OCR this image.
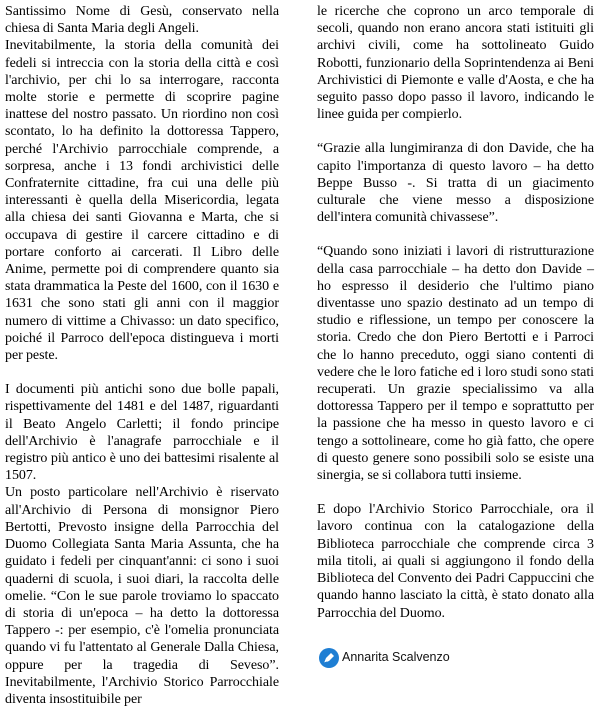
Santissimo Nome di Gesù, conservato nella chiesa di Santa Maria degli Angeli.

Inevitabilmente, la storia della comunità dei fedeli si intreccia con la storia della città e così l'archivio, per chi lo sa interrogare, racconta molte storie e permette di scoprire pagine inattese del nostro passato. Un riordino non così scontato, lo ha definito la dottoressa Tappero, perché l'Archivio parrocchiale comprende, a sorpresa, anche i 13 fondi archivistici delle Confraternite cittadine, fra cui una delle più interessanti è quella della Misericordia, legata alla chiesa dei santi Giovanna e Marta, che si occupava di gestire il carcere cittadino e di portare conforto ai carcerati. Il Libro delle Anime, permette poi di comprendere quanto sia stata drammatica la Peste del 1600, con il 1630 e 1631 che sono stati gli anni con il maggior numero di vittime a Chivasso: un dato specifico, poiché il Parroco dell'epoca distingueva i morti per peste.

I documenti più antichi sono due bolle papali, rispettivamente del 1481 e del 1487, riguardanti il Beato Angelo Carletti; il fondo principe dell'Archivio è l'anagrafe parrocchiale e il registro più antico è uno dei battesimi risalente al 1507.

Un posto particolare nell'Archivio è riservato all'Archivio di Persona di monsignor Piero Bertotti, Prevosto insigne della Parrocchia del Duomo Collegiata Santa Maria Assunta, che ha guidato i fedeli per cinquant'anni: ci sono i suoi quaderni di scuola, i suoi diari, la raccolta delle omelie. “Con le sue parole troviamo lo spaccato di storia di un'epoca – ha detto la dottoressa Tappero -: per esempio, c'è l'omelia pronunciata quando vi fu l'attentato al Generale Dalla Chiesa, oppure per la tragedia di Seveso”. Inevitabilmente, l'Archivio Storico Parrocchiale diventa insostituibile per

le ricerche che coprono un arco temporale di secoli, quando non erano ancora stati istituiti gli archivi civili, come ha sottolineato Guido Robotti, funzionario della Soprintendenza ai Beni Archivistici di Piemonte e valle d'Aosta, e che ha seguito passo dopo passo il lavoro, indicando le linee guida per compierlo.

“Grazie alla lungimiranza di don Davide, che ha capito l'importanza di questo lavoro – ha detto Beppe Busso -. Si tratta di un giacimento culturale che viene messo a disposizione dell'intera comunità chivassese”.

“Quando sono iniziati i lavori di ristrutturazione della casa parrocchiale – ha detto don Davide – ho espresso il desiderio che l'ultimo piano diventasse uno spazio destinato ad un tempo di studio e riflessione, un tempo per conoscere la storia. Credo che don Piero Bertotti e i Parroci che lo hanno preceduto, oggi siano contenti di vedere che le loro fatiche ed i loro studi sono stati recuperati. Un grazie specialissimo va alla dottoressa Tappero per il tempo e soprattutto per la passione che ha messo in questo lavoro e ci tengo a sottolineare, come ho già fatto, che opere di questo genere sono possibili solo se esiste una sinergia, se si collabora tutti insieme.

E dopo l'Archivio Storico Parrocchiale, ora il lavoro continua con la catalogazione della Biblioteca parrocchiale che comprende circa 3 mila titoli, ai quali si aggiungono il fondo della Biblioteca del Convento dei Padri Cappuccini che quando hanno lasciato la città, è stato donato alla Parrocchia del Duomo.

Annarita Scalvenzo
